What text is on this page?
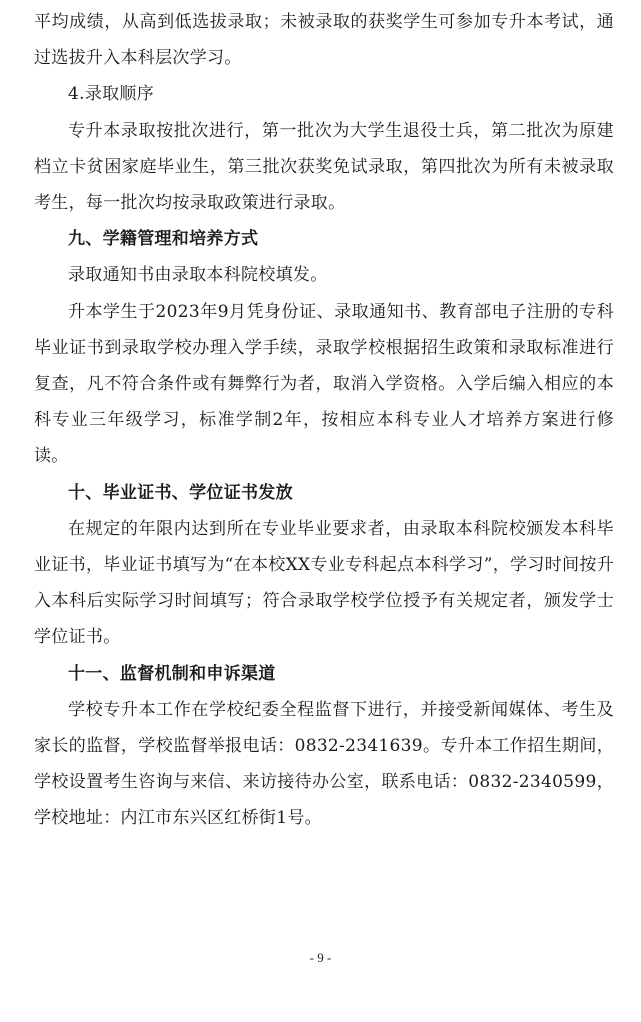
平均成绩，从高到低选拔录取；未被录取的获奖学生可参加专升本考试，通过选拔升入本科层次学习。

4.录取顺序

专升本录取按批次进行，第一批次为大学生退役士兵，第二批次为原建档立卡贫困家庭毕业生，第三批次获奖免试录取，第四批次为所有未被录取考生，每一批次均按录取政策进行录取。

九、学籍管理和培养方式

录取通知书由录取本科院校填发。

升本学生于2023年9月凭身份证、录取通知书、教育部电子注册的专科毕业证书到录取学校办理入学手续，录取学校根据招生政策和录取标准进行复查，凡不符合条件或有舞弊行为者，取消入学资格。入学后编入相应的本科专业三年级学习，标准学制2年，按相应本科专业人才培养方案进行修读。

十、毕业证书、学位证书发放

在规定的年限内达到所在专业毕业要求者，由录取本科院校颁发本科毕业证书，毕业证书填写为“在本校XX专业专科起点本科学习”，学习时间按升入本科后实际学习时间填写；符合录取学校学位授予有关规定者，颁发学士学位证书。

十一、监督机制和申诉渠道

学校专升本工作在学校纪委全程监督下进行，并接受新闻媒体、考生及家长的监督，学校监督举报电话：0832-2341639。专升本工作招生期间，学校设置考生咨询与来信、来访接待办公室，联系电话：0832-2340599，学校地址：内江市东兴区红桥街1号。

- 9 -
